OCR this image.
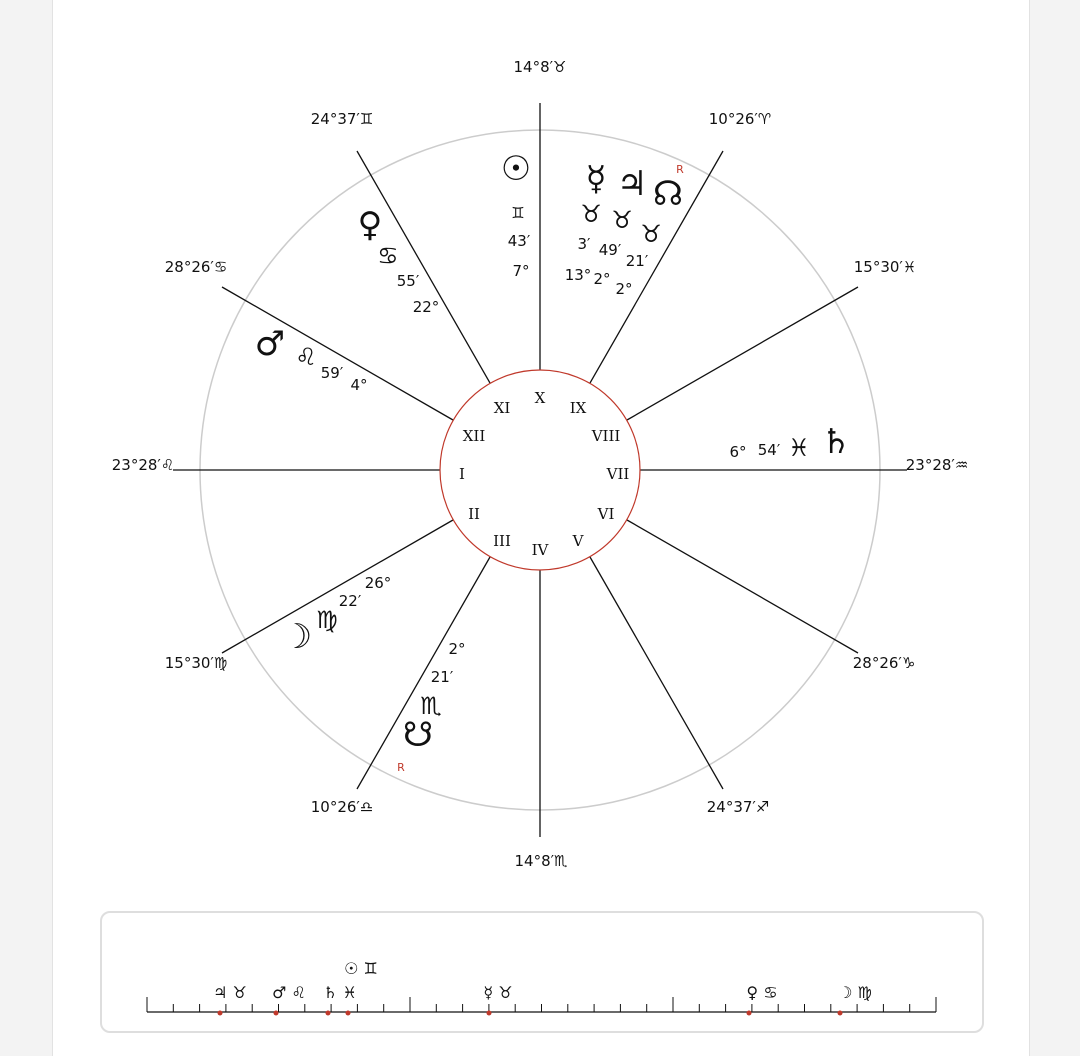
14°8′♉
10°26′♈
15°30′♓
23°28′♒
28°26′♑
24°37′♐
14°8′♏
10°26′♎
15°30′♍
23°28′♌
28°26′♋
24°37′♊
I
II
III IV V
VI
VII
VIII
IX
X
XI
XII
☉
♊
43′
7°
☿
♉
3′
13°
♃
♉
49′
2°
☊
R
♉
21′
2°
♀
♋
55′
22°
♂ ♌
59′
4°
6° 54′ ♓ ♄
26°
22′
♍
☽	2°
21′
♏
☋
R
♃ ♉ ♂ ♌ ♄ ♓
☉ ♊
☿ ♉	♀ ♋	☽ ♍
